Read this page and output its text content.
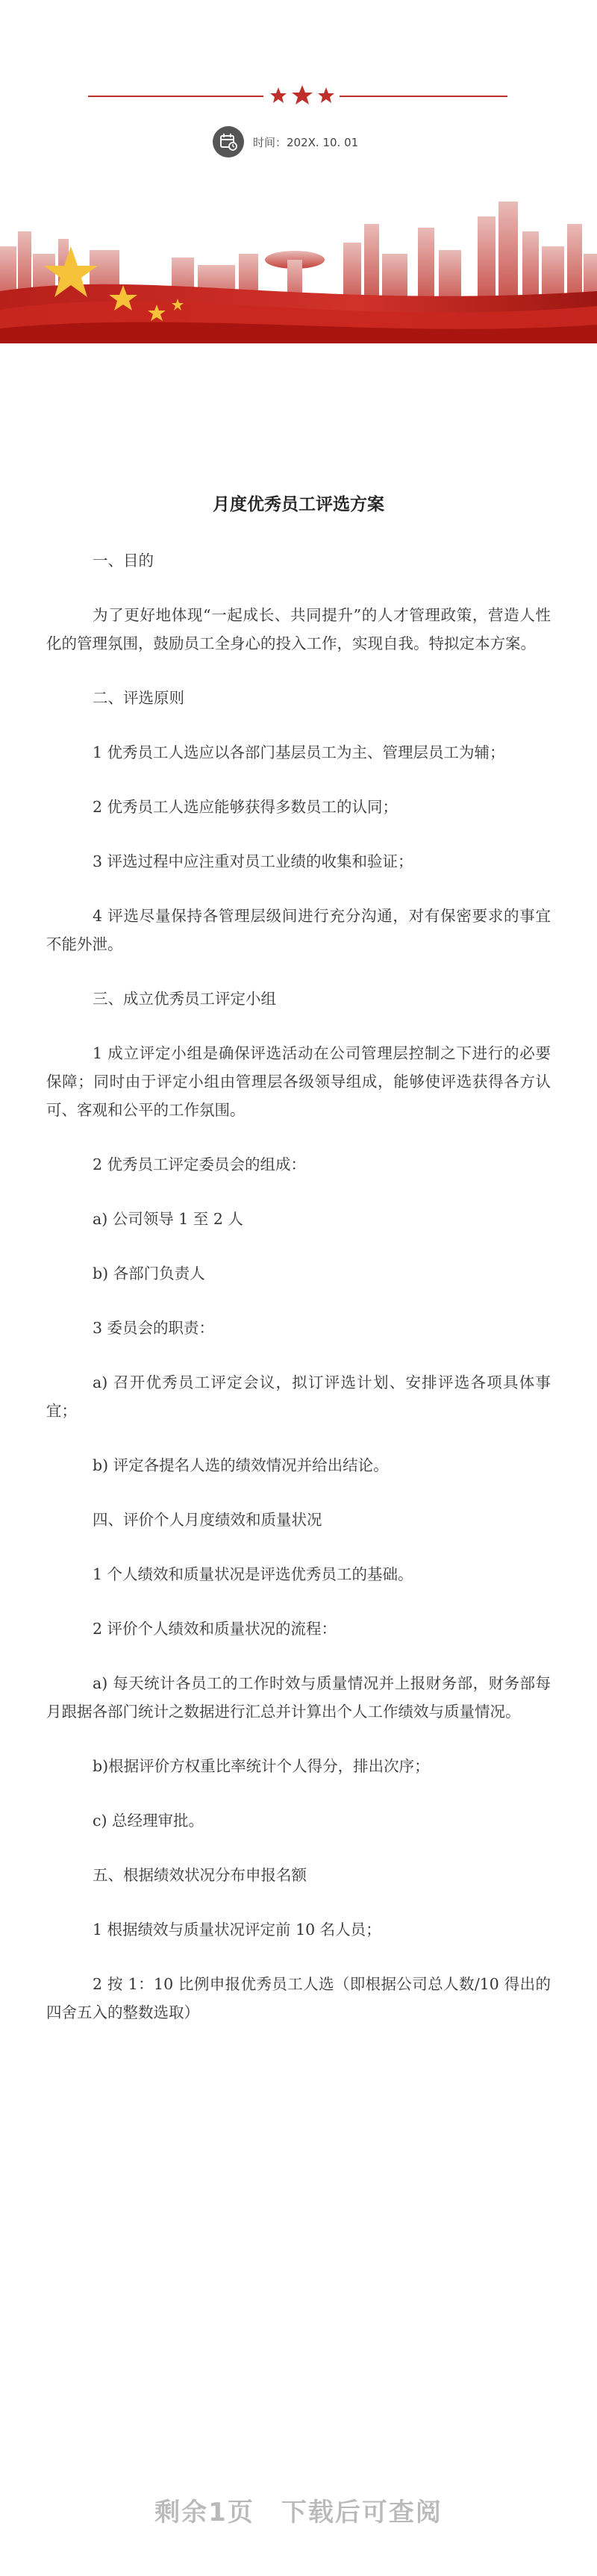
时间：202X. 10. 01
月度优秀员工评选方案

一、目的

为了更好地体现“一起成长、共同提升”的人才管理政策，营造人性化的管理氛围，鼓励员工全身心的投入工作，实现自我。特拟定本方案。

二、评选原则

1 优秀员工人选应以各部门基层员工为主、管理层员工为辅；

2 优秀员工人选应能够获得多数员工的认同；

3 评选过程中应注重对员工业绩的收集和验证；

4 评选尽量保持各管理层级间进行充分沟通，对有保密要求的事宜不能外泄。

三、成立优秀员工评定小组

1 成立评定小组是确保评选活动在公司管理层控制之下进行的必要保障；同时由于评定小组由管理层各级领导组成，能够使评选获得各方认可、客观和公平的工作氛围。

2 优秀员工评定委员会的组成：

a) 公司领导 1 至 2 人

b) 各部门负责人

3 委员会的职责：

a) 召开优秀员工评定会议，拟订评选计划、安排评选各项具体事宜；

b) 评定各提名人选的绩效情况并给出结论。

四、评价个人月度绩效和质量状况

1 个人绩效和质量状况是评选优秀员工的基础。

2 评价个人绩效和质量状况的流程：

a) 每天统计各员工的工作时效与质量情况并上报财务部，财务部每月跟据各部门统计之数据进行汇总并计算出个人工作绩效与质量情况。

b)根据评价方权重比率统计个人得分，排出次序；

c) 总经理审批。

五、根据绩效状况分布申报名额

1 根据绩效与质量状况评定前 10 名人员；

2 按 1：10 比例申报优秀员工人选（即根据公司总人数/10 得出的四舍五入的整数选取）

剩余1页　下载后可查阅
